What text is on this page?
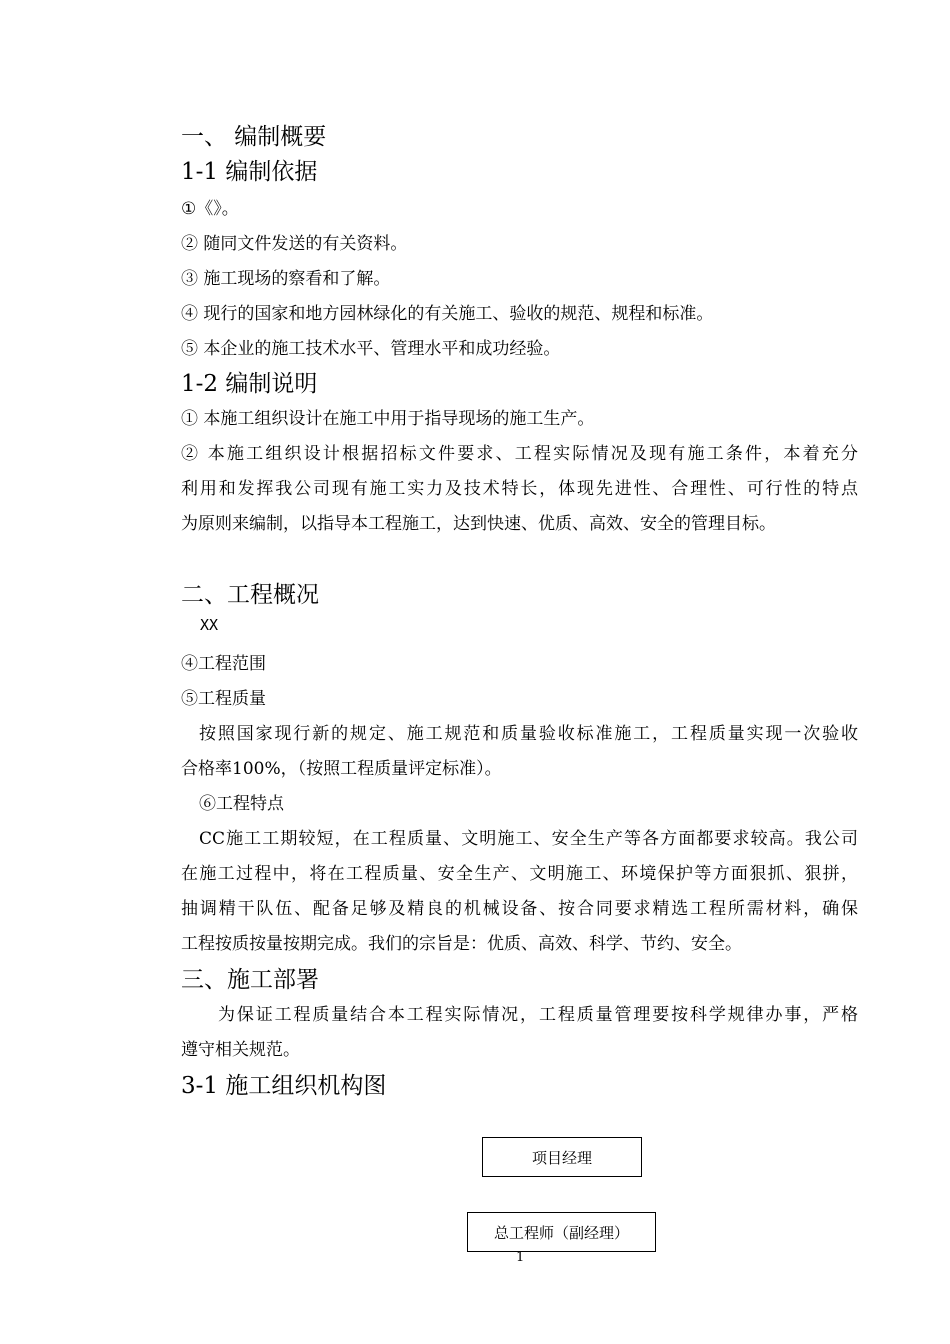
一、 编制概要
1-1 编制依据
①《》。
② 随同文件发送的有关资料。
③ 施工现场的察看和了解。
④ 现行的国家和地方园林绿化的有关施工、验收的规范、规程和标准。
⑤ 本企业的施工技术水平、管理水平和成功经验。
1-2 编制说明
① 本施工组织设计在施工中用于指导现场的施工生产。
② 本施工组织设计根据招标文件要求、工程实际情况及现有施工条件，本着充分
利用和发挥我公司现有施工实力及技术特长，体现先进性、合理性、可行性的特点
为原则来编制，以指导本工程施工，达到快速、优质、高效、安全的管理目标。
二、工程概况
XX
④工程范围
⑤工程质量
按照国家现行新的规定、施工规范和质量验收标准施工，工程质量实现一次验收
合格率100%，（按照工程质量评定标准）。
⑥工程特点
CC施工工期较短，在工程质量、文明施工、安全生产等各方面都要求较高。我公司
在施工过程中，将在工程质量、安全生产、文明施工、环境保护等方面狠抓、狠拼，
抽调精干队伍、配备足够及精良的机械设备、按合同要求精选工程所需材料，确保
工程按质按量按期完成。我们的宗旨是：优质、高效、科学、节约、安全。
三、施工部署
为保证工程质量结合本工程实际情况，工程质量管理要按科学规律办事，严格
遵守相关规范。
3-1 施工组织机构图
项目经理
总工程师（副经理）
1
